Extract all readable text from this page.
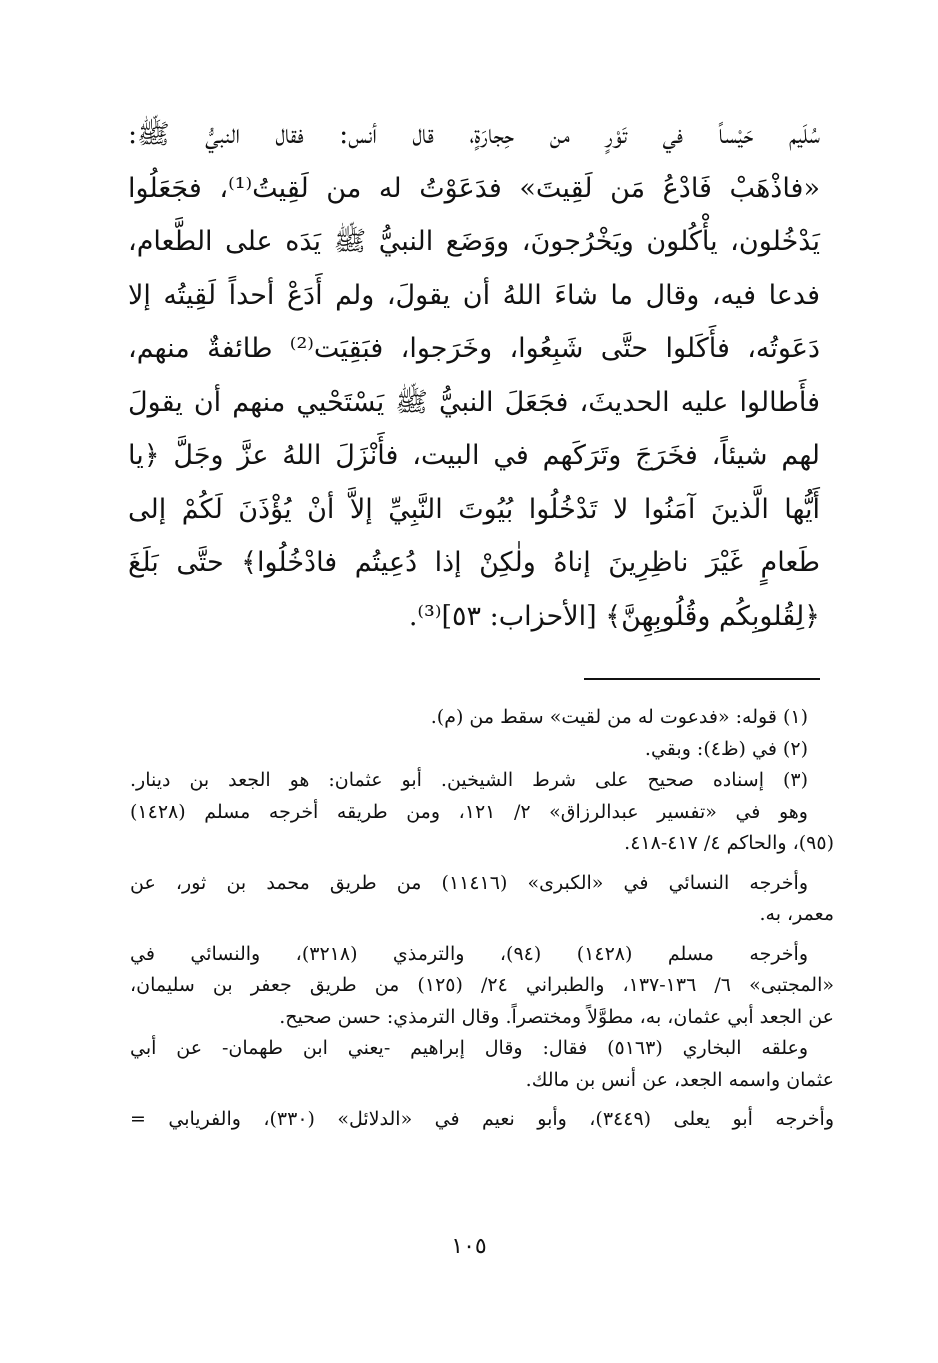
سُلَيم حَيْساً في تَوْرٍ من حِجارَةٍ، قال أنس: فقال النبيُّ ﷺ:
«فاذْهَبْ فَادْعُ مَن لَقِيتَ» فدَعَوْتُ له من لَقِيتُ⁽¹⁾، فجَعَلُوا
يَدْخُلون، يأْكُلون ويَخْرُجونَ، ووَضَع النبيُّ ﷺ يَدَه على الطَّعام،
فدعا فيه، وقال ما شاءَ اللهُ أن يقولَ، ولم أَدَعْ أحداً لَقِيتُه إلا
دَعَوتُه، فأَكَلوا حتَّى شَبِعُوا، وخَرَجوا، فبَقِيَت⁽²⁾ طائفةٌ منهم،
فأَطالوا عليه الحديثَ، فجَعَلَ النبيُّ ﷺ يَسْتَحْيي منهم أن يقولَ
لهم شيئاً، فخَرَجَ وتَرَكَهم في البيت، فأَنْزَلَ اللهُ عزَّ وجَلَّ ﴿يا
أَيُّها الَّذينَ آمَنُوا لا تَدْخُلُوا بُيُوتَ النَّبِيِّ إلاَّ أنْ يُؤْذَنَ لَكُمْ إلى
طَعامٍ غَيْرَ ناظِرِينَ إناهُ ولٰكِنْ إذا دُعِيتُم فادْخُلُوا﴾ حتَّى بَلَغَ
﴿لِقُلوبِكُم وقُلُوبِهِنَّ﴾ [الأحزاب: ٥٣]⁽³⁾.
(١) قوله: «فدعوت له من لقيت» سقط من (م).
(٢) في (ظ٤): وبقي.
(٣) إسناده صحيح على شرط الشيخين. أبو عثمان: هو الجعد بن دينار.
وهو في «تفسير عبدالرزاق» ٢/ ١٢١، ومن طريقه أخرجه مسلم (١٤٢٨)
(٩٥)، والحاكم ٤/ ٤١٧-٤١٨.
وأخرجه النسائي في «الكبرى» (١١٤١٦) من طريق محمد بن ثور، عن
معمر، به.
وأخرجه مسلم (١٤٢٨) (٩٤)، والترمذي (٣٢١٨)، والنسائي في
«المجتبى» ٦/ ١٣٦-١٣٧، والطبراني ٢٤/ (١٢٥) من طريق جعفر بن سليمان،
عن الجعد أبي عثمان، به، مطوَّلاً ومختصراً. وقال الترمذي: حسن صحيح.
وعلقه البخاري (٥١٦٣) فقال: وقال إبراهيم -يعني ابن طهمان- عن أبي
عثمان واسمه الجعد، عن أنس بن مالك.
وأخرجه أبو يعلى (٣٤٤٩)، وأبو نعيم في «الدلائل» (٣٣٠)، والفريابي =
١٠٥
